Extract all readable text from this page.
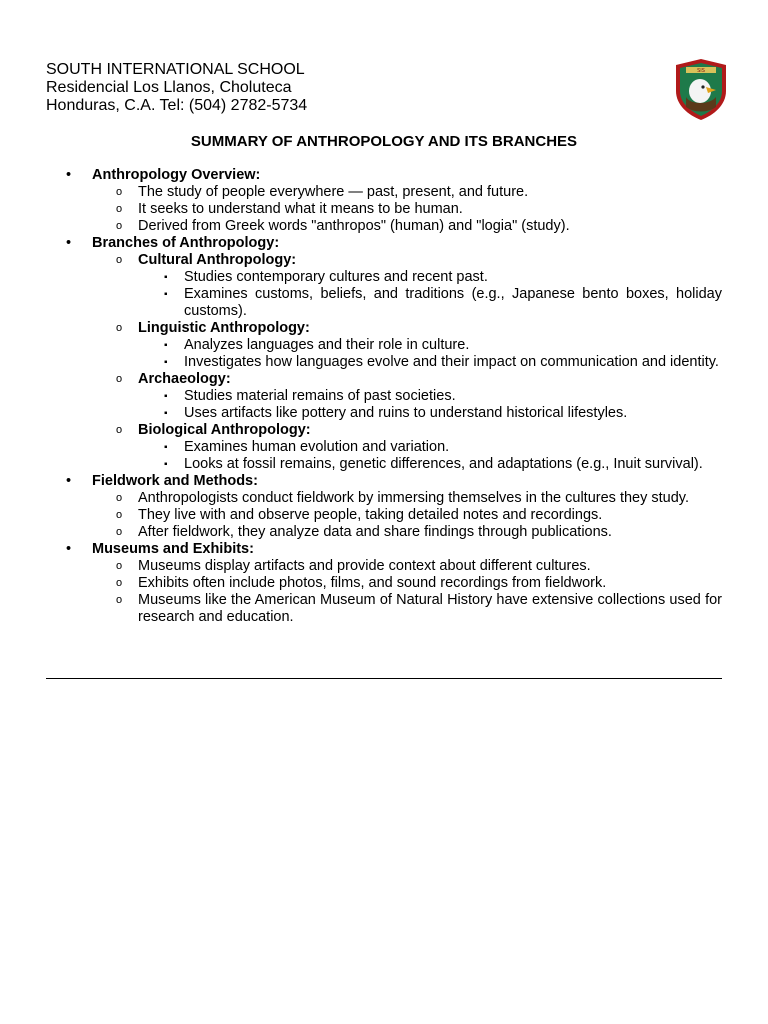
SOUTH INTERNATIONAL SCHOOL
Residencial Los Llanos, Choluteca
Honduras, C.A. Tel: (504) 2782-5734
SIS
SUMMARY OF ANTHROPOLOGY AND ITS BRANCHES
• Anthropology Overview:
o The study of people everywhere — past, present, and future.
o It seeks to understand what it means to be human.
o Derived from Greek words "anthropos" (human) and "logia" (study).
• Branches of Anthropology:
o Cultural Anthropology:
▪ Studies contemporary cultures and recent past.
▪ Examines customs, beliefs, and traditions (e.g., Japanese bento boxes, holiday customs).
o Linguistic Anthropology:
▪ Analyzes languages and their role in culture.
▪ Investigates how languages evolve and their impact on communication and identity.
o Archaeology:
▪ Studies material remains of past societies.
▪ Uses artifacts like pottery and ruins to understand historical lifestyles.
o Biological Anthropology:
▪ Examines human evolution and variation.
▪ Looks at fossil remains, genetic differences, and adaptations (e.g., Inuit survival).
• Fieldwork and Methods:
o Anthropologists conduct fieldwork by immersing themselves in the cultures they study.
o They live with and observe people, taking detailed notes and recordings.
o After fieldwork, they analyze data and share findings through publications.
• Museums and Exhibits:
o Museums display artifacts and provide context about different cultures.
o Exhibits often include photos, films, and sound recordings from fieldwork.
o Museums like the American Museum of Natural History have extensive collections used for research and education.
